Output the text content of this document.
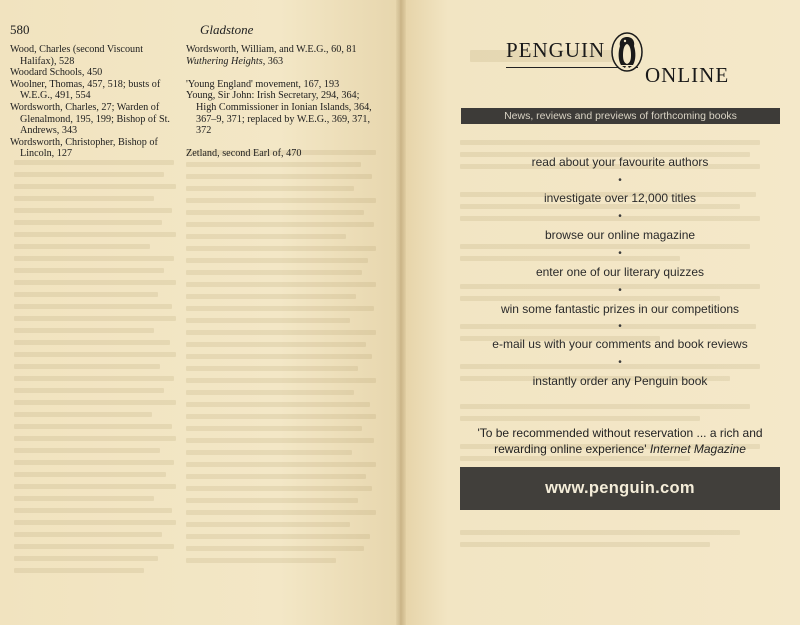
580	Gladstone
Wood, Charles (second Viscount Halifax), 528
Woodard Schools, 450
Woolner, Thomas, 457, 518; busts of W.E.G., 491, 554
Wordsworth, Charles, 27; Warden of Glenalmond, 195, 199; Bishop of St. Andrews, 343
Wordsworth, Christopher, Bishop of Lincoln, 127
Wordsworth, William, and W.E.G., 60, 81
Wuthering Heights, 363
'Young England' movement, 167, 193
Young, Sir John: Irish Secretary, 294, 364; High Commissioner in Ionian Islands, 364, 367–9, 371; replaced by W.E.G., 369, 371, 372
Zetland, second Earl of, 470
PENGUIN
ONLINE
News, reviews and previews of forthcoming books
read about your favourite authors
•
investigate over 12,000 titles
•
browse our online magazine
•
enter one of our literary quizzes
•
win some fantastic prizes in our competitions
•
e-mail us with your comments and book reviews
•
instantly order any Penguin book
'To be recommended without reservation ... a rich and rewarding online experience' Internet Magazine
www.penguin.com
